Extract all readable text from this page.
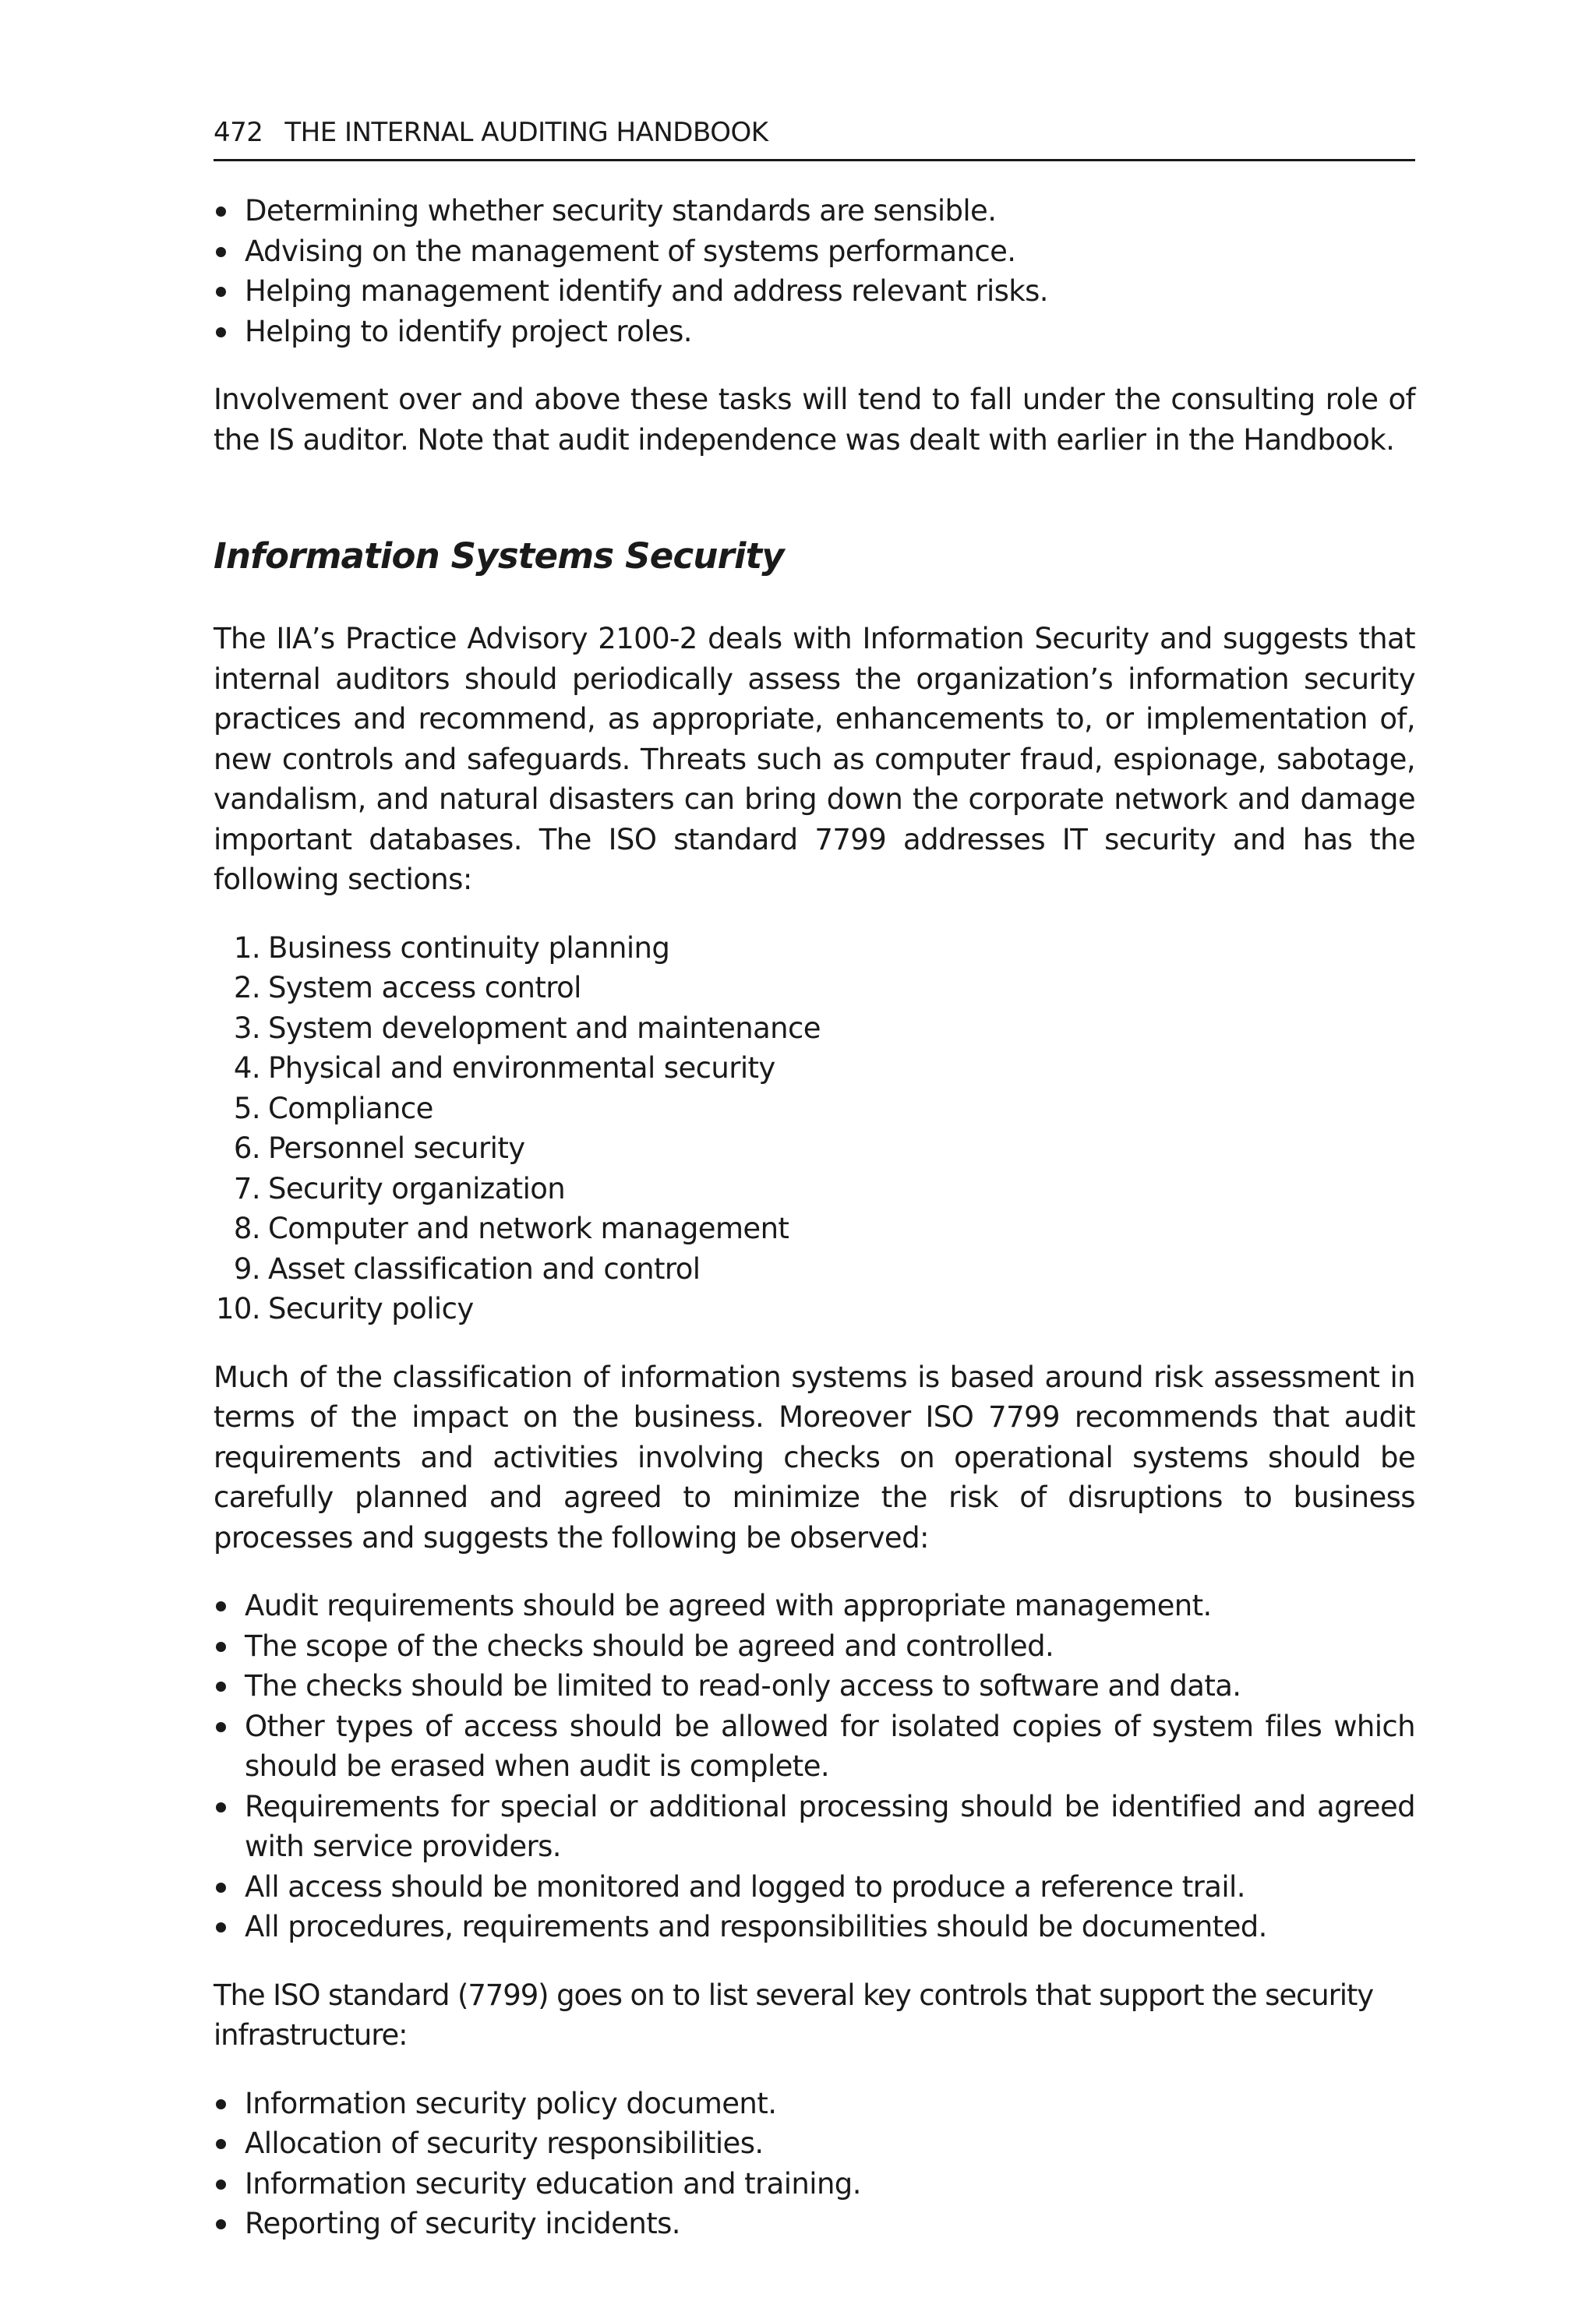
472 THE INTERNAL AUDITING HANDBOOK
Determining whether security standards are sensible.
Advising on the management of systems performance.
Helping management identify and address relevant risks.
Helping to identify project roles.

Involvement over and above these tasks will tend to fall under the consulting role of the IS auditor. Note that audit independence was dealt with earlier in the Handbook.

Information Systems Security

The IIA’s Practice Advisory 2100-2 deals with Information Security and suggests that internal auditors should periodically assess the organization’s information security practices and recommend, as appropriate, enhancements to, or implementation of, new controls and safeguards. Threats such as computer fraud, espionage, sabotage, vandalism, and natural disasters can bring down the corporate network and damage important databases. The ISO standard 7799 addresses IT security and has the following sections:

1. Business continuity planning
2. System access control
3. System development and maintenance
4. Physical and environmental security
5. Compliance
6. Personnel security
7. Security organization
8. Computer and network management
9. Asset classification and control
10. Security policy

Much of the classification of information systems is based around risk assessment in terms of the impact on the business. Moreover ISO 7799 recommends that audit requirements and activities involving checks on operational systems should be carefully planned and agreed to minimize the risk of disruptions to business processes and suggests the following be observed:

Audit requirements should be agreed with appropriate management.
The scope of the checks should be agreed and controlled.
The checks should be limited to read-only access to software and data.
Other types of access should be allowed for isolated copies of system files which should be erased when audit is complete.
Requirements for special or additional processing should be identified and agreed with service providers.
All access should be monitored and logged to produce a reference trail.
All procedures, requirements and responsibilities should be documented.

The ISO standard (7799) goes on to list several key controls that support the security infrastructure:

Information security policy document.
Allocation of security responsibilities.
Information security education and training.
Reporting of security incidents.
